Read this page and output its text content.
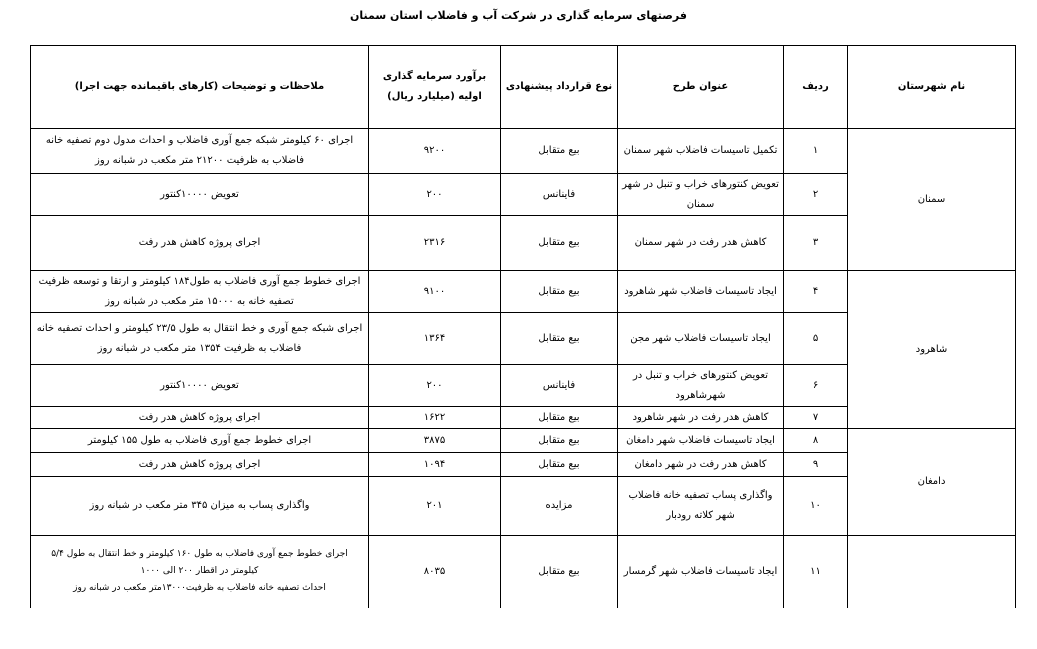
فرصتهای سرمایه گذاری در شرکت آب و فاضلاب استان سمنان
نام شهرستان	ردیف	عنوان طرح	نوع قرارداد پیشنهادی	برآورد سرمایه گذاری اولیه (میلیارد ریال)	ملاحظات و توضیحات (کارهای باقیمانده جهت اجرا)
سمنان	۱	تکمیل تاسیسات فاضلاب شهر سمنان	بیع متقابل	۹۲۰۰	اجرای ۶۰ کیلومتر شبکه جمع آوری فاضلاب و احداث مدول دوم تصفیه خانه فاضلاب به ظرفیت ۲۱۲۰۰ متر مکعب در شبانه روز
	۲	تعویض کنتورهای خراب و تنبل در شهر سمنان	فاینانس	۲۰۰	تعویض ۱۰۰۰۰کنتور
	۳	کاهش هدر رفت در شهر سمنان	بیع متقابل	۲۳۱۶	اجرای پروژه کاهش هدر رفت
شاهرود	۴	ایجاد تاسیسات فاضلاب شهر شاهرود	بیع متقابل	۹۱۰۰	اجرای خطوط جمع آوری فاضلاب به طول۱۸۴ کیلومتر و ارتقا و توسعه ظرفیت تصفیه خانه به ۱۵۰۰۰ متر مکعب در شبانه روز
	۵	ایجاد تاسیسات فاضلاب شهر مجن	بیع متقابل	۱۳۶۴	اجرای شبکه جمع آوری و خط انتقال به طول ۲۳/۵ کیلومتر و احداث تصفیه خانه فاضلاب به ظرفیت ۱۳۵۴ متر مکعب در شبانه روز
	۶	تعویض کنتورهای خراب و تنبل در شهرشاهرود	فاینانس	۲۰۰	تعویض ۱۰۰۰۰کنتور
	۷	کاهش هدر رفت در شهر شاهرود	بیع متقابل	۱۶۲۲	اجرای پروژه کاهش هدر رفت
دامغان	۸	ایجاد تاسیسات فاضلاب شهر دامغان	بیع متقابل	۳۸۷۵	اجرای خطوط جمع آوری فاضلاب به طول ۱۵۵ کیلومتر
	۹	کاهش هدر رفت در شهر دامغان	بیع متقابل	۱۰۹۴	اجرای پروژه کاهش هدر رفت
	۱۰	واگذاری پساب تصفیه خانه فاضلاب شهر کلاته رودبار	مزایده	۲۰۱	واگذاری پساب به میزان ۳۴۵ متر مکعب در شبانه روز
	۱۱	ایجاد تاسیسات فاضلاب شهر گرمسار	بیع متقابل	۸۰۳۵	اجرای خطوط جمع آوری فاضلاب به طول ۱۶۰ کیلومتر و خط انتقال به طول ۵/۴
کیلومتر در اقطار ۲۰۰ الی ۱۰۰۰
احداث تصفیه خانه فاضلاب به ظرفیت۱۳۰۰۰متر مکعب در شبانه روز
